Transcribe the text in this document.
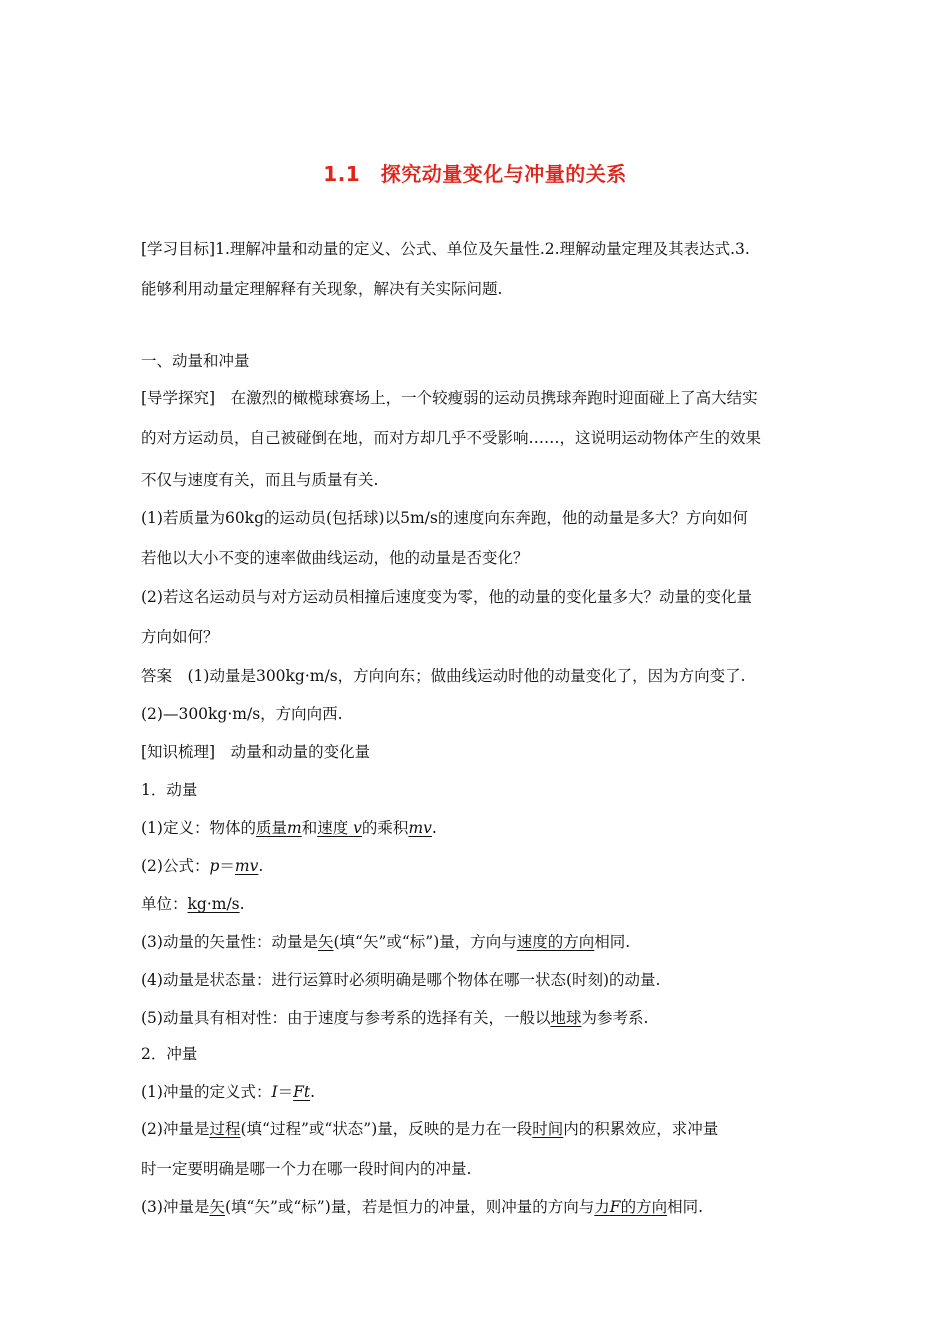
1.1　探究动量变化与冲量的关系
[学习目标]1.理解冲量和动量的定义、公式、单位及矢量性.2.理解动量定理及其表达式.3.
能够利用动量定理解释有关现象，解决有关实际问题.
一、动量和冲量
[导学探究]　在激烈的橄榄球赛场上，一个较瘦弱的运动员携球奔跑时迎面碰上了高大结实
的对方运动员，自己被碰倒在地，而对方却几乎不受影响……，这说明运动物体产生的效果
不仅与速度有关，而且与质量有关.
(1)若质量为60kg的运动员(包括球)以5m/s的速度向东奔跑，他的动量是多大？方向如何
若他以大小不变的速率做曲线运动，他的动量是否变化？
(2)若这名运动员与对方运动员相撞后速度变为零，他的动量的变化量多大？动量的变化量
方向如何？
答案　(1)动量是300kg·m/s，方向向东；做曲线运动时他的动量变化了，因为方向变了.
(2)—300kg·m/s，方向向西.
[知识梳理]　动量和动量的变化量
1．动量
(1)定义：物体的质量m和速度 v的乘积mv.
(2)公式：p＝mv.
单位：kg·m/s.
(3)动量的矢量性：动量是矢(填“矢”或“标”)量，方向与速度的方向相同.
(4)动量是状态量：进行运算时必须明确是哪个物体在哪一状态(时刻)的动量.
(5)动量具有相对性：由于速度与参考系的选择有关，一般以地球为参考系.
2．冲量
(1)冲量的定义式：I＝Ft.
(2)冲量是过程(填“过程”或“状态”)量，反映的是力在一段时间内的积累效应，求冲量
时一定要明确是哪一个力在哪一段时间内的冲量.
(3)冲量是矢(填“矢”或“标”)量，若是恒力的冲量，则冲量的方向与力F的方向相同.
